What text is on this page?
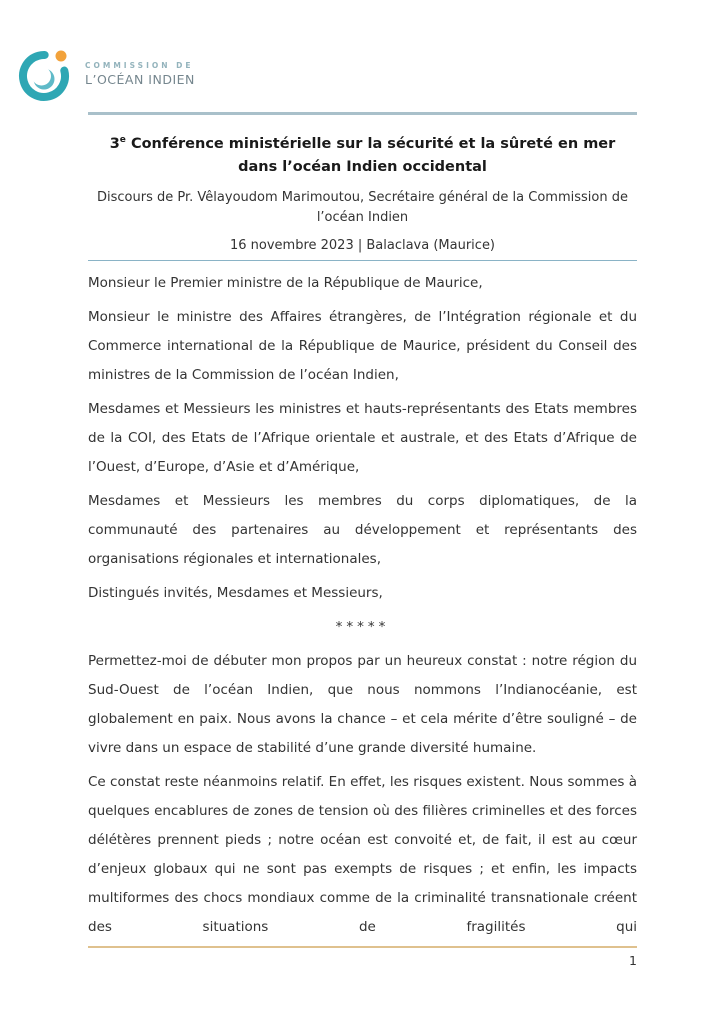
COMMISSION DE
L’OCÉAN INDIEN
3e Conférence ministérielle sur la sécurité et la sûreté en mer dans l’océan Indien occidental

Discours de Pr. Vêlayoudom Marimoutou, Secrétaire général de la Commission de l’océan Indien

16 novembre 2023 | Balaclava (Maurice)

Monsieur le Premier ministre de la République de Maurice,

Monsieur le ministre des Affaires étrangères, de l’Intégration régionale et du Commerce international de la République de Maurice, président du Conseil des ministres de la Commission de l’océan Indien,

Mesdames et Messieurs les ministres et hauts-représentants des Etats membres de la COI, des Etats de l’Afrique orientale et australe, et des Etats d’Afrique de l’Ouest, d’Europe, d’Asie et d’Amérique,

Mesdames et Messieurs les membres du corps diplomatiques, de la communauté des partenaires au développement et représentants des organisations régionales et internationales,

Distingués invités, Mesdames et Messieurs,

*****

Permettez-moi de débuter mon propos par un heureux constat : notre région du Sud-Ouest de l’océan Indien, que nous nommons l’Indianocéanie, est globalement en paix. Nous avons la chance – et cela mérite d’être souligné – de vivre dans un espace de stabilité d’une grande diversité humaine.

Ce constat reste néanmoins relatif. En effet, les risques existent. Nous sommes à quelques encablures de zones de tension où des filières criminelles et des forces délétères prennent pieds ; notre océan est convoité et, de fait, il est au cœur d’enjeux globaux qui ne sont pas exempts de risques ; et enfin, les impacts multiformes des chocs mondiaux comme de la criminalité transnationale créent des situations de fragilités qui

1
